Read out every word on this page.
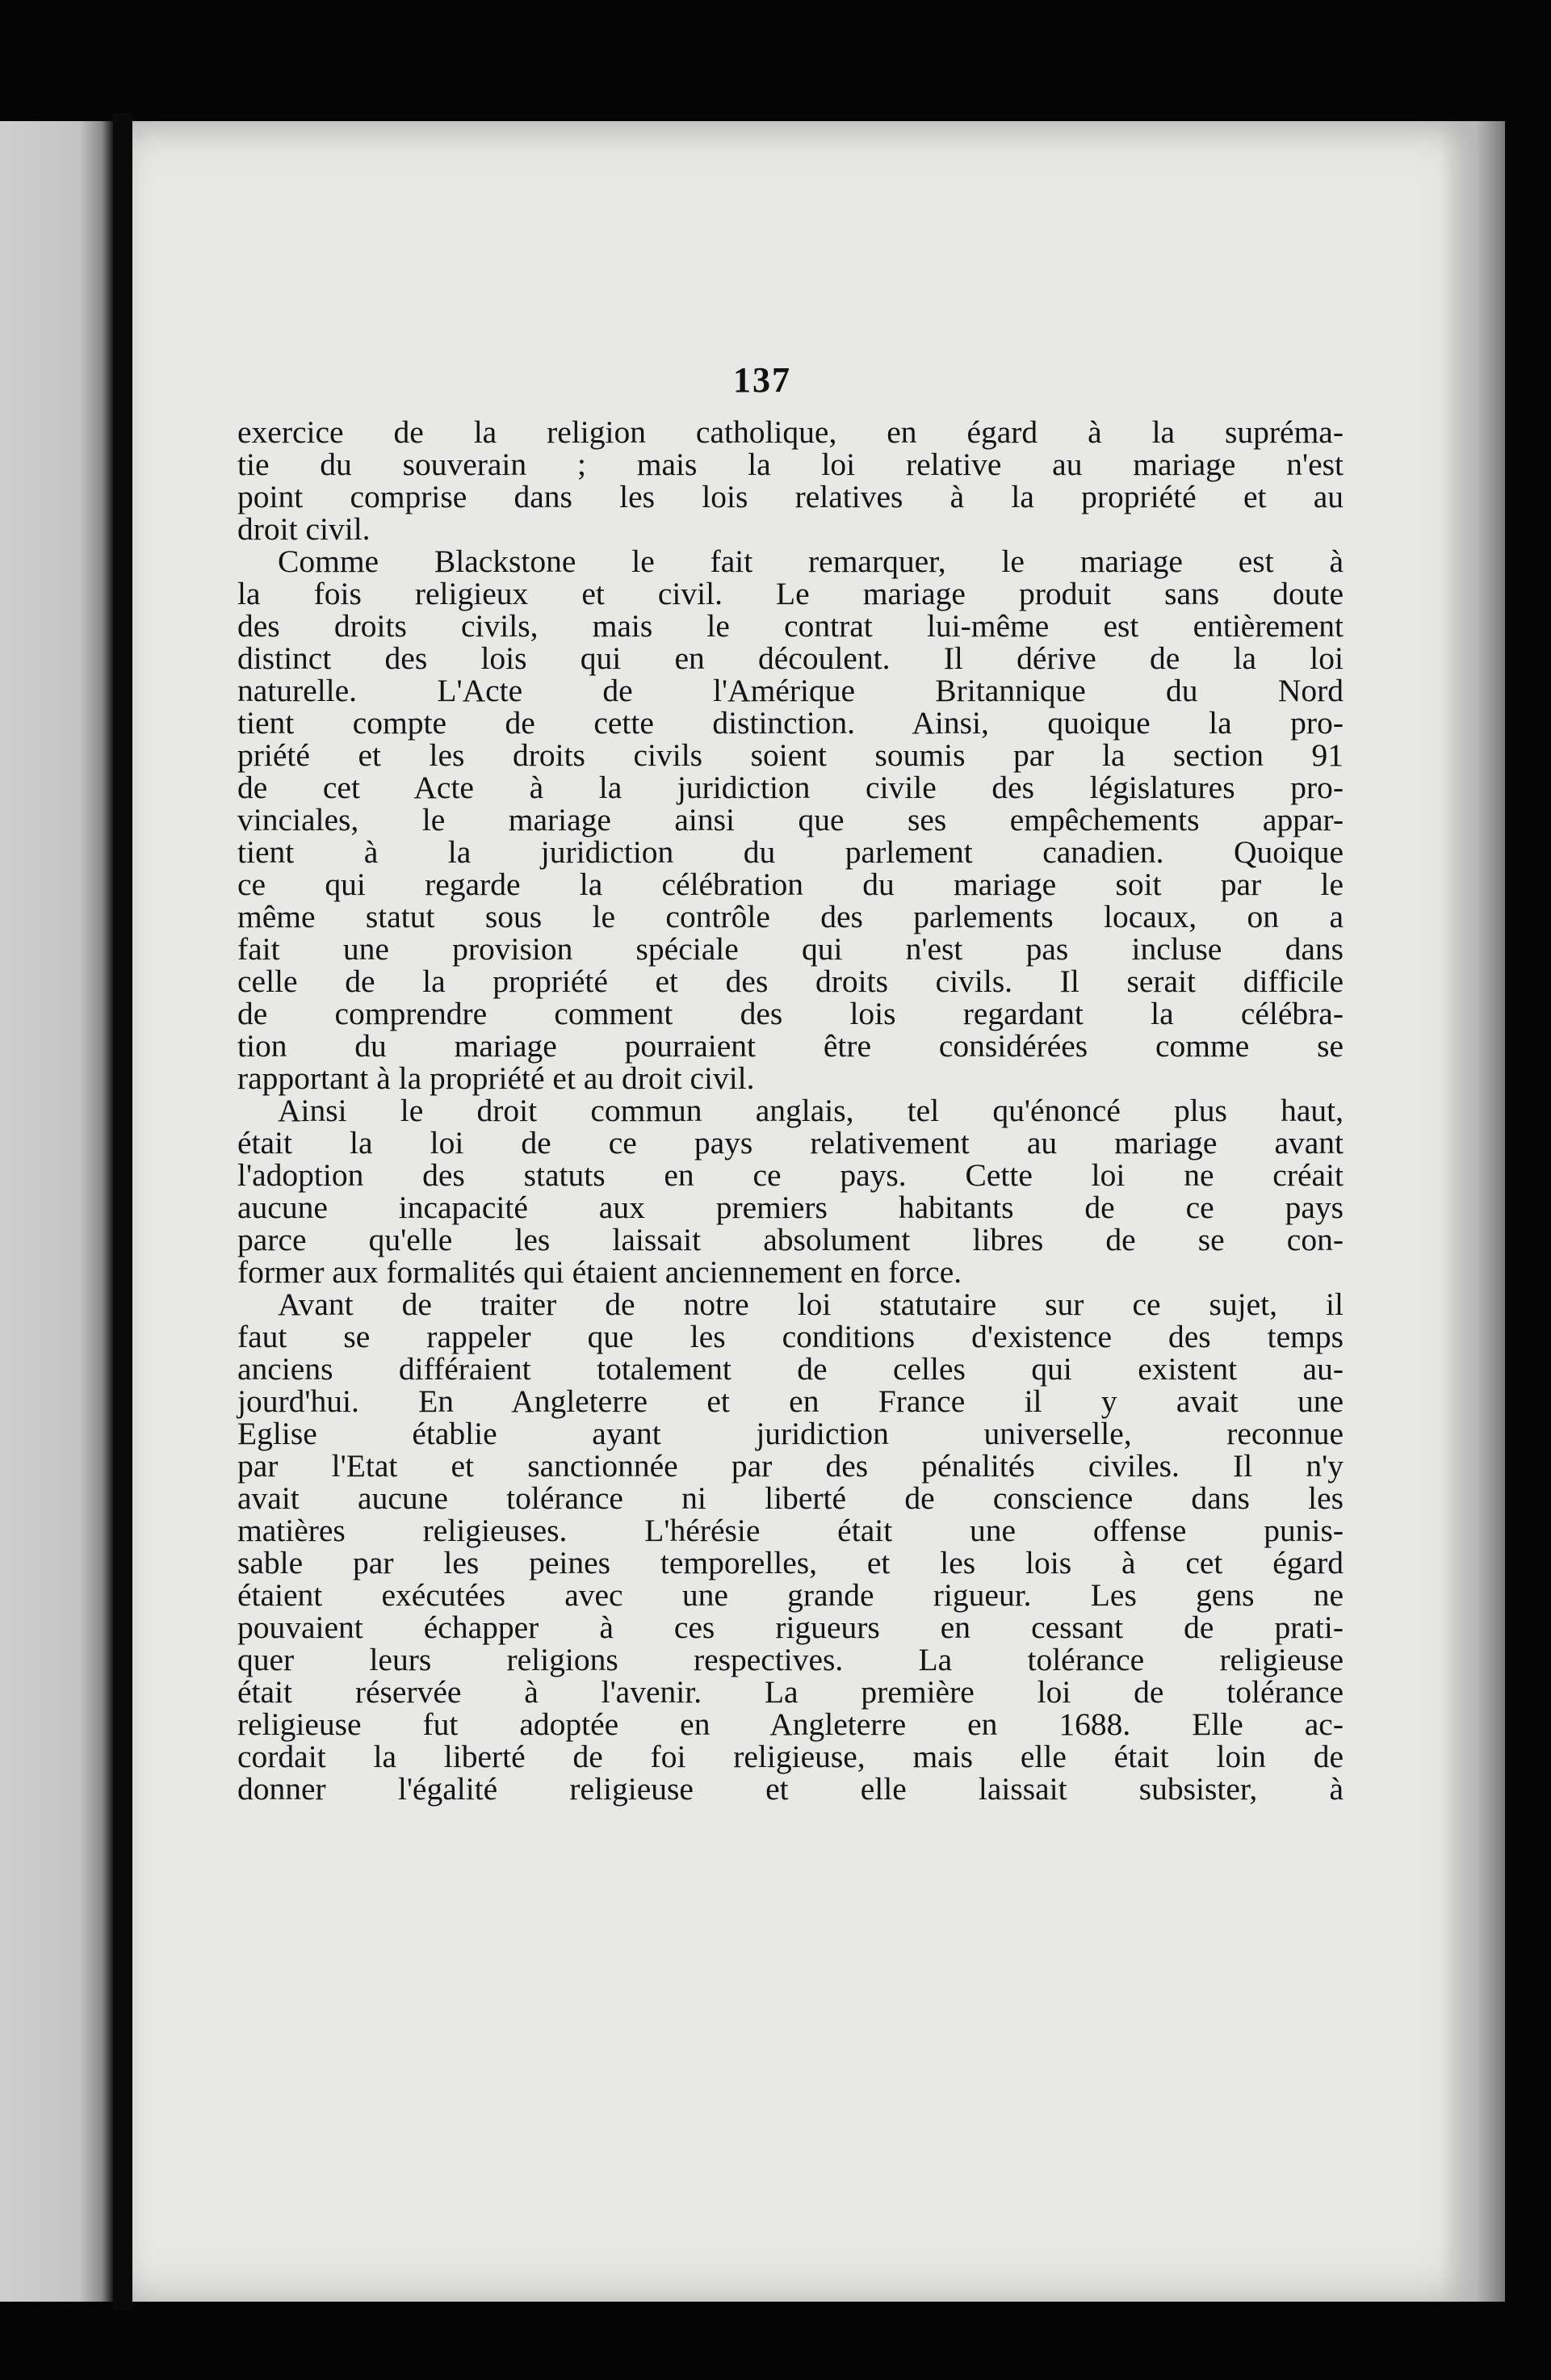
137
exercice de la religion catholique, en égard à la supréma-
tie du souverain ; mais la loi relative au mariage n'est
point comprise dans les lois relatives à la propriété et au
droit civil.
Comme Blackstone le fait remarquer, le mariage est à
la fois religieux et civil. Le mariage produit sans doute
des droits civils, mais le contrat lui-même est entièrement
distinct des lois qui en découlent. Il dérive de la loi
naturelle. L'Acte de l'Amérique Britannique du Nord
tient compte de cette distinction. Ainsi, quoique la pro-
priété et les droits civils soient soumis par la section 91
de cet Acte à la juridiction civile des législatures pro-
vinciales, le mariage ainsi que ses empêchements appar-
tient à la juridiction du parlement canadien. Quoique
ce qui regarde la célébration du mariage soit par le
même statut sous le contrôle des parlements locaux, on a
fait une provision spéciale qui n'est pas incluse dans
celle de la propriété et des droits civils. Il serait difficile
de comprendre comment des lois regardant la célébra-
tion du mariage pourraient être considérées comme se
rapportant à la propriété et au droit civil.
Ainsi le droit commun anglais, tel qu'énoncé plus haut,
était la loi de ce pays relativement au mariage avant
l'adoption des statuts en ce pays. Cette loi ne créait
aucune incapacité aux premiers habitants de ce pays
parce qu'elle les laissait absolument libres de se con-
former aux formalités qui étaient anciennement en force.
Avant de traiter de notre loi statutaire sur ce sujet, il
faut se rappeler que les conditions d'existence des temps
anciens différaient totalement de celles qui existent au-
jourd'hui. En Angleterre et en France il y avait une
Eglise établie ayant juridiction universelle, reconnue
par l'Etat et sanctionnée par des pénalités civiles. Il n'y
avait aucune tolérance ni liberté de conscience dans les
matières religieuses. L'hérésie était une offense punis-
sable par les peines temporelles, et les lois à cet égard
étaient exécutées avec une grande rigueur. Les gens ne
pouvaient échapper à ces rigueurs en cessant de prati-
quer leurs religions respectives. La tolérance religieuse
était réservée à l'avenir. La première loi de tolérance
religieuse fut adoptée en Angleterre en 1688. Elle ac-
cordait la liberté de foi religieuse, mais elle était loin de
donner l'égalité religieuse et elle laissait subsister, à
